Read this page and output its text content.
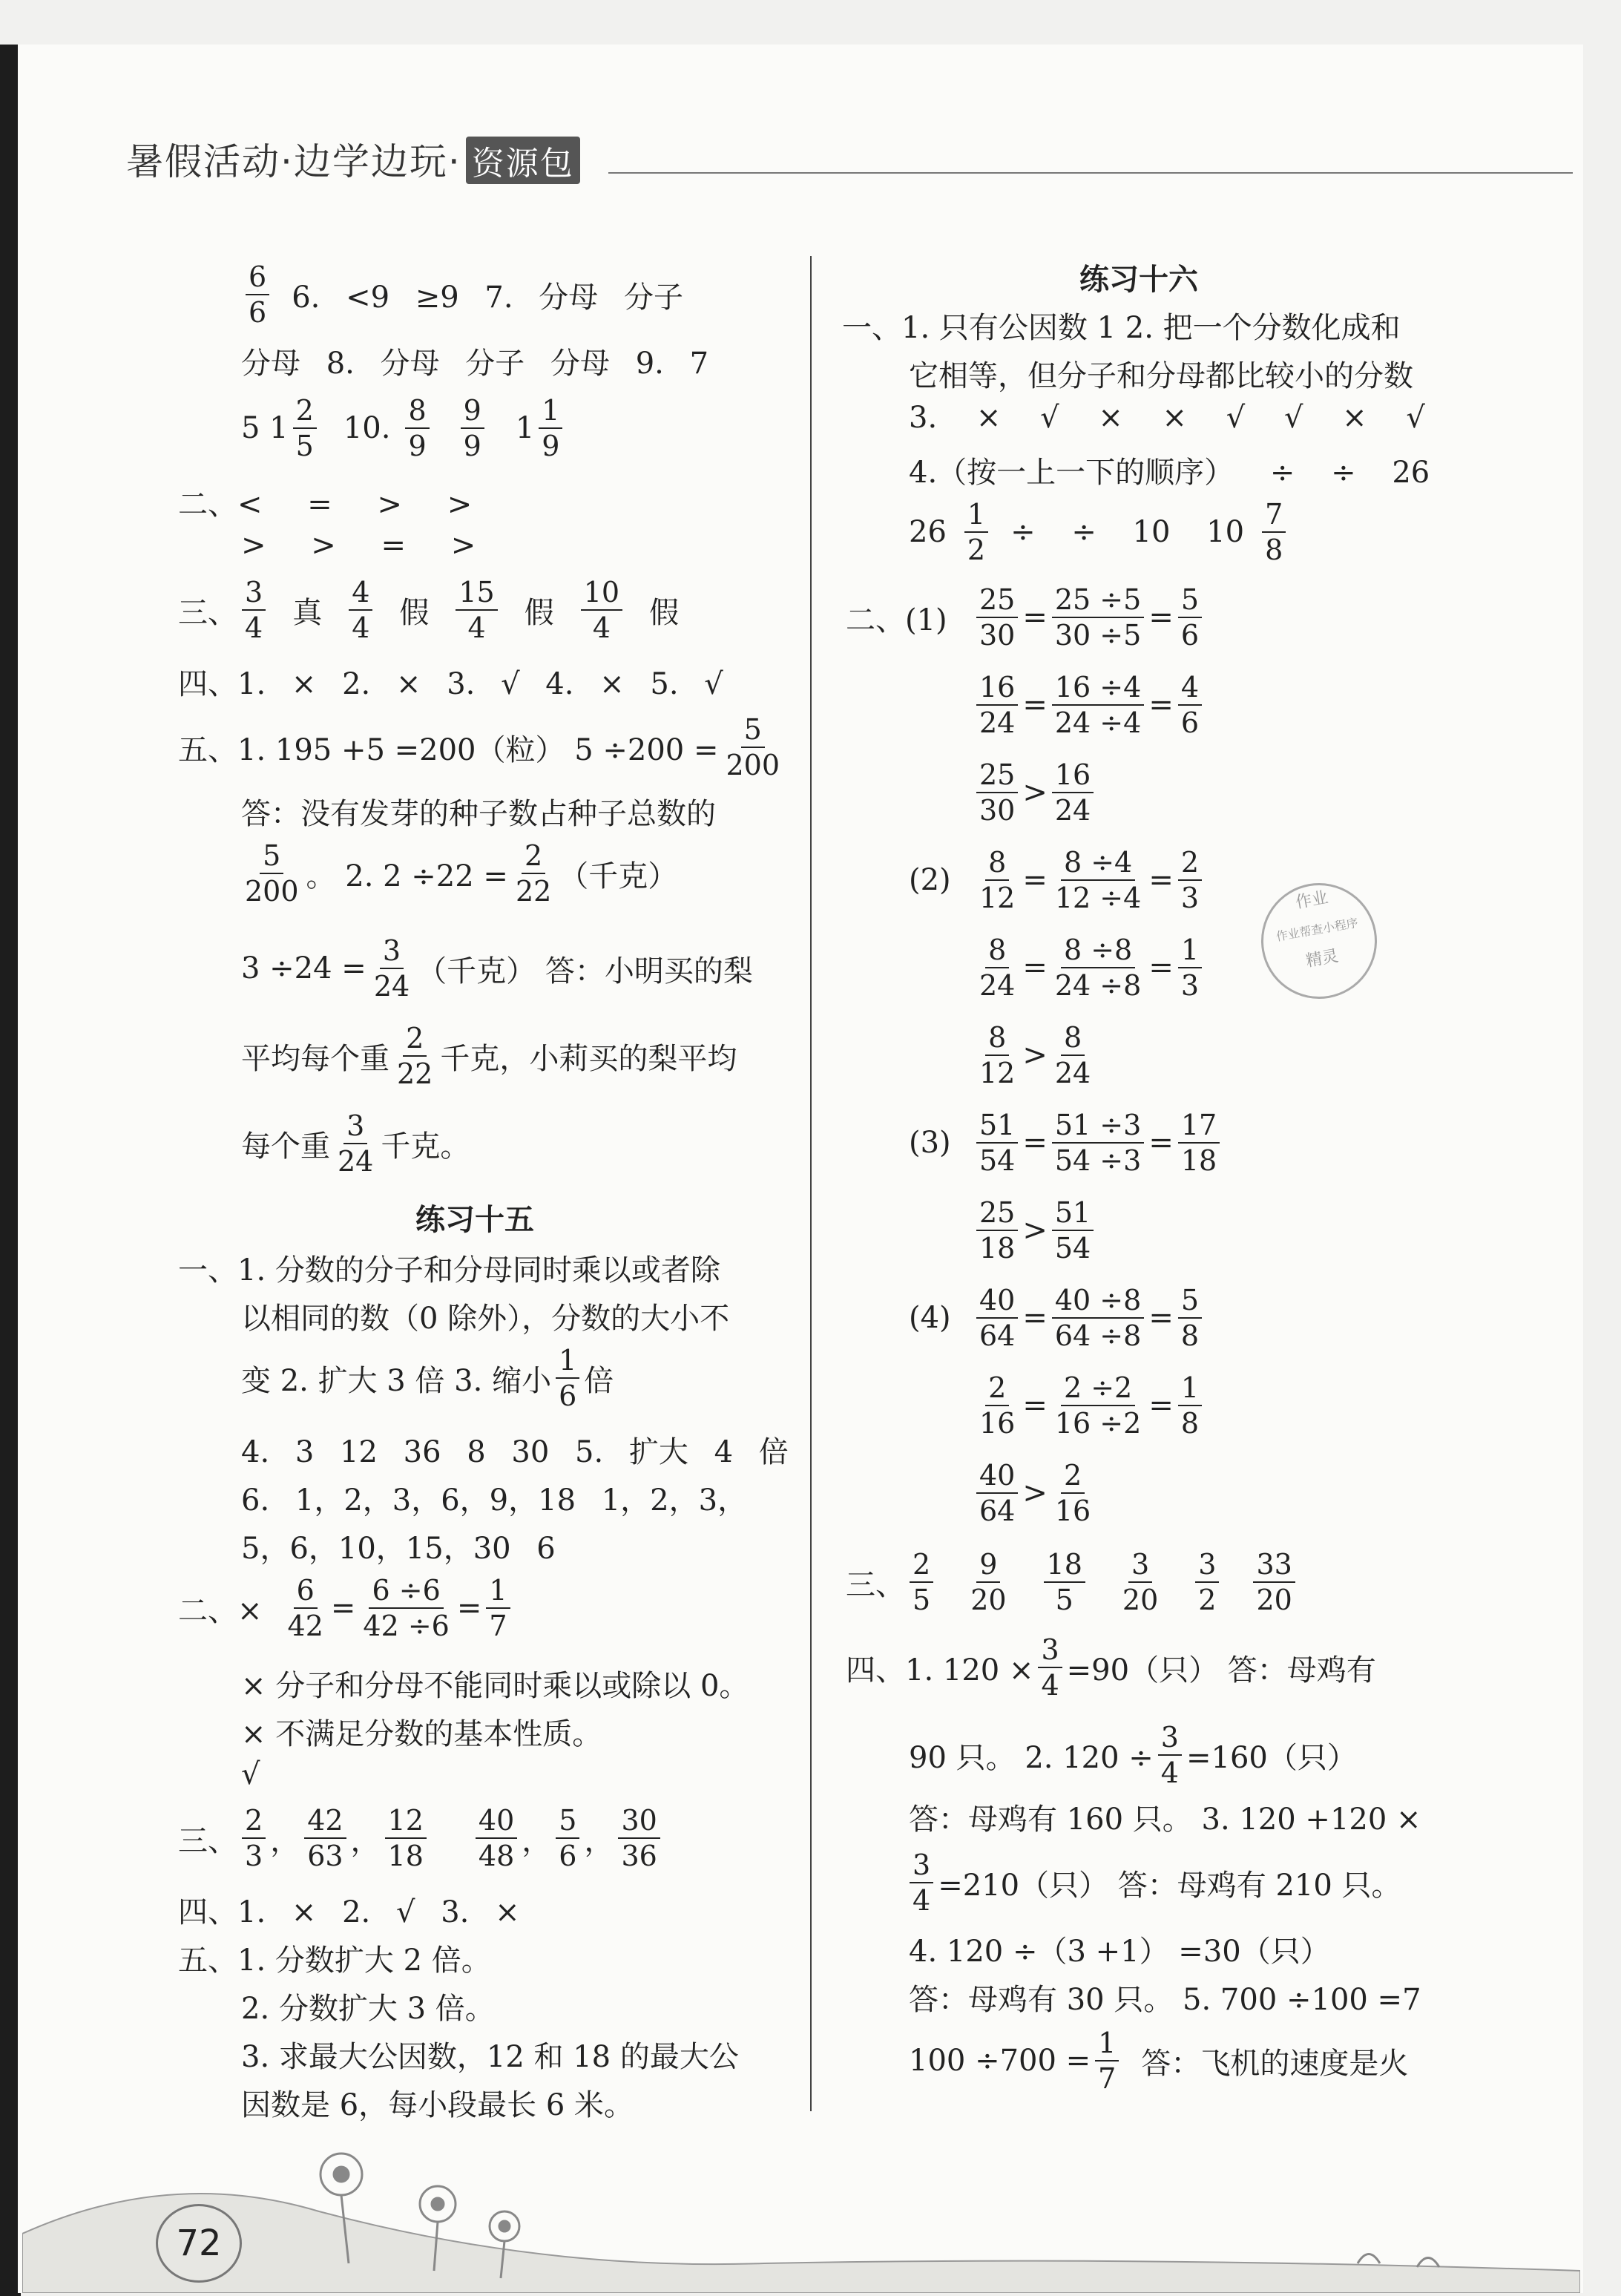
暑假活动·边学边玩· 资源包
$\frac{6}{6} 6$. <9 ≥9 7. 分母 分子
分母 8. 分母 分子 分母 9. 7
5 $1 \frac{2}{5} 10$. $\frac{8}{9} \frac{9}{9} 1 \frac{1}{9}$
二、< = > >
> > = >
三、 $\frac{3}{4}$ 真 $\frac{4}{4}$ 假 $\frac{15}{4}$ 假 $\frac{10}{4}$ 假
四、1. × 2. × 3. √ 4. × 5. √
五、1. 195 +5 =200（粒） $5 \div 200 = \frac{5}{200}$
答：没有发芽的种子数占种子总数的
$\frac{5}{200}$ 。 2. $2 \div 22 = \frac{2}{22}$ （千克）
$3 \div 24 = \frac{3}{24}$ （千克） 答：小明买的梨
平均每个重 $\frac{2}{22}$ 千克，小莉买的梨平均
每个重 $\frac{3}{24}$ 千克。
练习十五
一、1. 分数的分子和分母同时乘以或者除
以相同的数（0 除外），分数的大小不
变 2. 扩大 3 倍 3. 缩小 $\frac{1}{6}$ 倍
4. 3 12 36 8 30 5. 扩大 4 倍
6. 1，2，3，6，9，18 1，2，3，
5，6，10，15，30 6
二、× $\frac{6}{42} = \frac{6 \div 6}{42 \div 6} = \frac{1}{7}$
× 分子和分母不能同时乘以或除以 0。
× 不满足分数的基本性质。
√
三、 $\frac{2}{3}$ ， $\frac{42}{63}$ ， $\frac{12}{18} \frac{40}{48}$ ， $\frac{5}{6}$ ， $\frac{30}{36}$
四、1. × 2. √ 3. ×
五、1. 分数扩大 2 倍。
2. 分数扩大 3 倍。
3. 求最大公因数，12 和 18 的最大公
因数是 6，每小段最长 6 米。
练习十六
一、1. 只有公因数 1 2. 把一个分数化成和
它相等，但分子和分母都比较小的分数
3. × √ × × √ √ × √
4.（按一上一下的顺序） ÷ ÷ 26
$26 \frac{1}{2}$ ÷ ÷ 10 $10 \frac{7}{8}$
二、(1)	$\frac{25}{30} = \frac{25 \div 5}{30 \div 5} = \frac{5}{6}$
$\frac{16}{24} = \frac{16 \div 4}{24 \div 4} = \frac{4}{6}$
$\frac{25}{30} > \frac{16}{24}$
$(2) \frac{8}{12} = \frac{8 \div 4}{12 \div 4} = \frac{2}{3}$
$\frac{8}{24} = \frac{8 \div 8}{24 \div 8} = \frac{1}{3}$
$\frac{8}{12} > \frac{8}{24}$
$(3) \frac{51}{54} = \frac{51 \div 3}{54 \div 3} = \frac{17}{18}$
$\frac{25}{18} > \frac{51}{54}$
$(4) \frac{40}{64} = \frac{40 \div 8}{64 \div 8} = \frac{5}{8}$
$\frac{2}{16} = \frac{2 \div 2}{16 \div 2} = \frac{1}{8}$
$\frac{40}{64} > \frac{2}{16}$
三、 $\frac{2}{5} \frac{9}{20} \frac{18}{5} \frac{3}{20} \frac{3}{2} \frac{33}{20}$
四、1. $120 \times \frac{3}{4} =90$（只） 答：母鸡有
90 只。 2. $120 \div \frac{3}{4} =160$（只）
答：母鸡有 160 只。 3. 120 +120 ×
$\frac{3}{4} =210$（只） 答：母鸡有 210 只。
4. 120 ÷（3 +1） =30（只）
答：母鸡有 30 只。 5. 700 ÷100 =7
$100 \div 700 = \frac{1}{7}$ 答：飞机的速度是火
作业
作业帮查小程序
精灵
72
